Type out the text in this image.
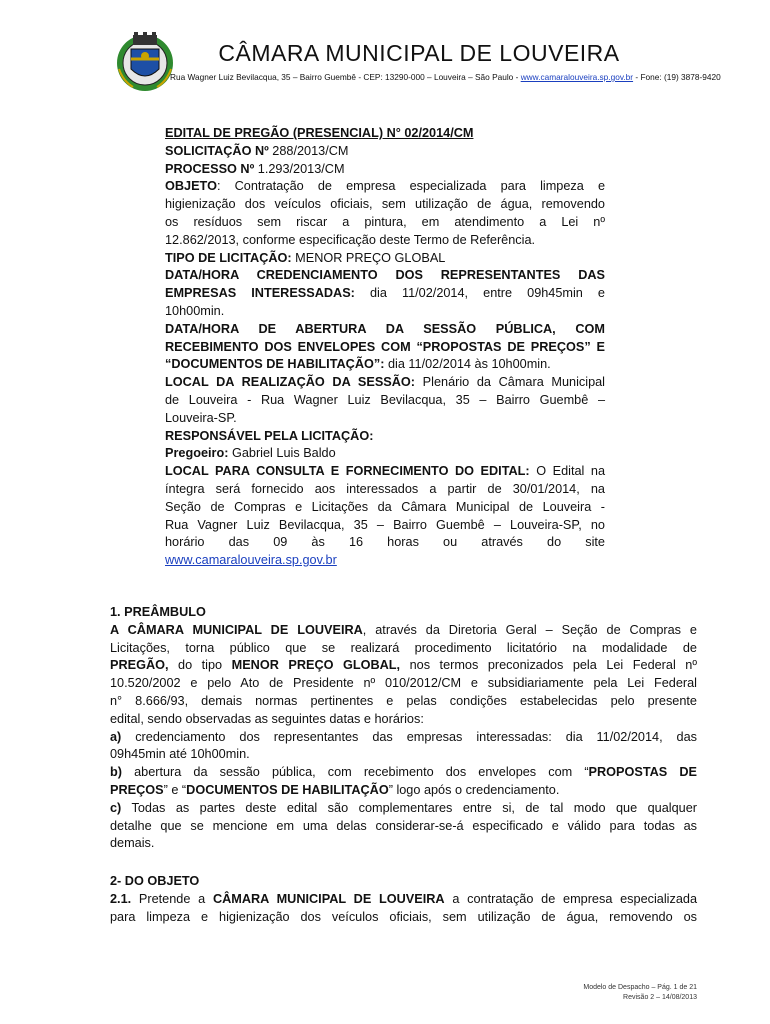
CÂMARA MUNICIPAL DE LOUVEIRA
Rua Wagner Luiz Bevilacqua, 35 – Bairro Guembê - CEP: 13290-000 – Louveira – São Paulo - www.camaralouveira.sp.gov.br - Fone: (19) 3878-9420
EDITAL DE PREGÃO (PRESENCIAL) N° 02/2014/CM
SOLICITAÇÃO Nº 288/2013/CM
PROCESSO Nº 1.293/2013/CM
OBJETO: Contratação de empresa especializada para limpeza e
higienização dos veículos oficiais, sem utilização de água, removendo
os resíduos sem riscar a pintura, em atendimento a Lei nº
12.862/2013, conforme especificação deste Termo de Referência.
TIPO DE LICITAÇÃO: MENOR PREÇO GLOBAL
DATA/HORA CREDENCIAMENTO DOS REPRESENTANTES DAS
EMPRESAS INTERESSADAS: dia 11/02/2014, entre 09h45min e
10h00min.
DATA/HORA DE ABERTURA DA SESSÃO PÚBLICA, COM
RECEBIMENTO DOS ENVELOPES COM “PROPOSTAS DE PREÇOS” E
“DOCUMENTOS DE HABILITAÇÃO”: dia 11/02/2014 às 10h00min.
LOCAL DA REALIZAÇÃO DA SESSÃO: Plenário da Câmara Municipal
de Louveira - Rua Wagner Luiz Bevilacqua, 35 – Bairro Guembê –
Louveira-SP.
RESPONSÁVEL PELA LICITAÇÃO:
Pregoeiro: Gabriel Luis Baldo
LOCAL PARA CONSULTA E FORNECIMENTO DO EDITAL: O Edital na
íntegra será fornecido aos interessados a partir de 30/01/2014, na
Seção de Compras e Licitações da Câmara Municipal de Louveira -
Rua Vagner Luiz Bevilacqua, 35 – Bairro Guembê – Louveira-SP, no
horário das 09 às 16 horas ou através do site
www.camaralouveira.sp.gov.br
1. PREÂMBULO
A CÂMARA MUNICIPAL DE LOUVEIRA, através da Diretoria Geral – Seção de Compras e
Licitações, torna público que se realizará procedimento licitatório na modalidade de
PREGÃO, do tipo MENOR PREÇO GLOBAL, nos termos preconizados pela Lei Federal nº
10.520/2002 e pelo Ato de Presidente nº 010/2012/CM e subsidiariamente pela Lei Federal
n° 8.666/93, demais normas pertinentes e pelas condições estabelecidas pelo presente
edital, sendo observadas as seguintes datas e horários:
a) credenciamento dos representantes das empresas interessadas: dia 11/02/2014, das
09h45min até 10h00min.
b) abertura da sessão pública, com recebimento dos envelopes com “PROPOSTAS DE
PREÇOS” e “DOCUMENTOS DE HABILITAÇÃO” logo após o credenciamento.
c) Todas as partes deste edital são complementares entre si, de tal modo que qualquer
detalhe que se mencione em uma delas considerar-se-á especificado e válido para todas as
demais.
2- DO OBJETO
2.1. Pretende a CÂMARA MUNICIPAL DE LOUVEIRA a contratação de empresa especializada
para limpeza e higienização dos veículos oficiais, sem utilização de água, removendo os
Modelo de Despacho – Pág. 1 de 21
Revisão 2 – 14/08/2013
